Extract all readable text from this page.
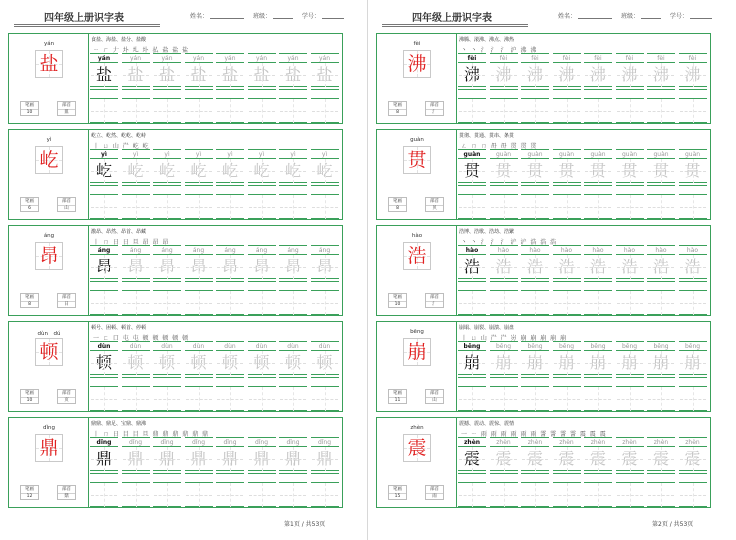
四年级上册识字表	姓名：	班级：	学号：
yán
盐
笔画
10
部首
皿
食盐、海盐、盐分、盐酸
ㄧ ㄏ 𠂇 圤 圠 圤 払 盐 盐 盐
yán
盐
yán
盐
yán
盐
yán
盐
yán
盐
yán
盐
yán
盐
yán
盐
yì
屹
笔画
6
部首
山
屹立、屹然、屹屹、屹峙
丨 ㄩ 山 屵 屹 屹
yì
屹
yì
屹
yì
屹
yì
屹
yì
屹
yì
屹
yì
屹
yì
屹
áng
昂
笔画
8
部首
日
激昂、昂然、昂首、昂藏
丨 ㄇ 日 日 旦 昂 昂 昂
áng
昂
áng
昂
áng
昂
áng
昂
áng
昂
áng
昂
áng
昂
áng
昂
dùn　dú
顿
笔画
10
部首
页
顿号、困顿、顿首、停顿
一 ㄈ 口 屯 屯 顿 顿 顿 顿 顿
dùn
顿
dùn
顿
dùn
顿
dùn
顿
dùn
顿
dùn
顿
dùn
顿
dùn
顿
dǐng
鼎
笔画
12
部首
鼎
鼎鼎、鼎足、宝鼎、鼎沸
丨 ㄇ 日 目 目 旦 鼎 鼎 鼎 鼎 鼎 鼎
dǐng
鼎
dǐng
鼎
dǐng
鼎
dǐng
鼎
dǐng
鼎
dǐng
鼎
dǐng
鼎
dǐng
鼎
第1页 / 共53页
四年级上册识字表	姓名：	班级：	学号：
fèi
沸
笔画
8
部首
氵
沸腾、滚沸、沸点、沸热
丶 丶 氵 氵 氵 沪 沸 沸
fèi
沸
fèi
沸
fèi
沸
fèi
沸
fèi
沸
fèi
沸
fèi
沸
fèi
沸
guàn
贯
笔画
8
部首
贝
贯彻、贯通、贯串、条贯
ㄥ ㄇ ㄇ 毌 毌 贯 贯 贯
guàn
贯
guàn
贯
guàn
贯
guàn
贯
guàn
贯
guàn
贯
guàn
贯
guàn
贯
hào
浩
笔画
10
部首
氵
浩博、浩歌、浩劫、浩繁
丶 丶 氵 氵 氵 浐 浐 浩 浩 浩
hào
浩
hào
浩
hào
浩
hào
浩
hào
浩
hào
浩
hào
浩
hào
浩
bēng
崩
笔画
11
部首
山
崩塌、崩裂、崩溃、崩盘
丨 ㄩ 山 屵 屵 岃 崩 崩 崩 崩 崩
bēng
崩
bēng
崩
bēng
崩
bēng
崩
bēng
崩
bēng
崩
bēng
崩
bēng
崩
zhèn
震
笔画
15
部首
雨
震撼、震动、震惊、震情
一 ㄧ 雨 雨 雨 雨 雨 雨 霅 霅 霅 霅 震 震 震
zhèn
震
zhèn
震
zhèn
震
zhèn
震
zhèn
震
zhèn
震
zhèn
震
zhèn
震
第2页 / 共53页
